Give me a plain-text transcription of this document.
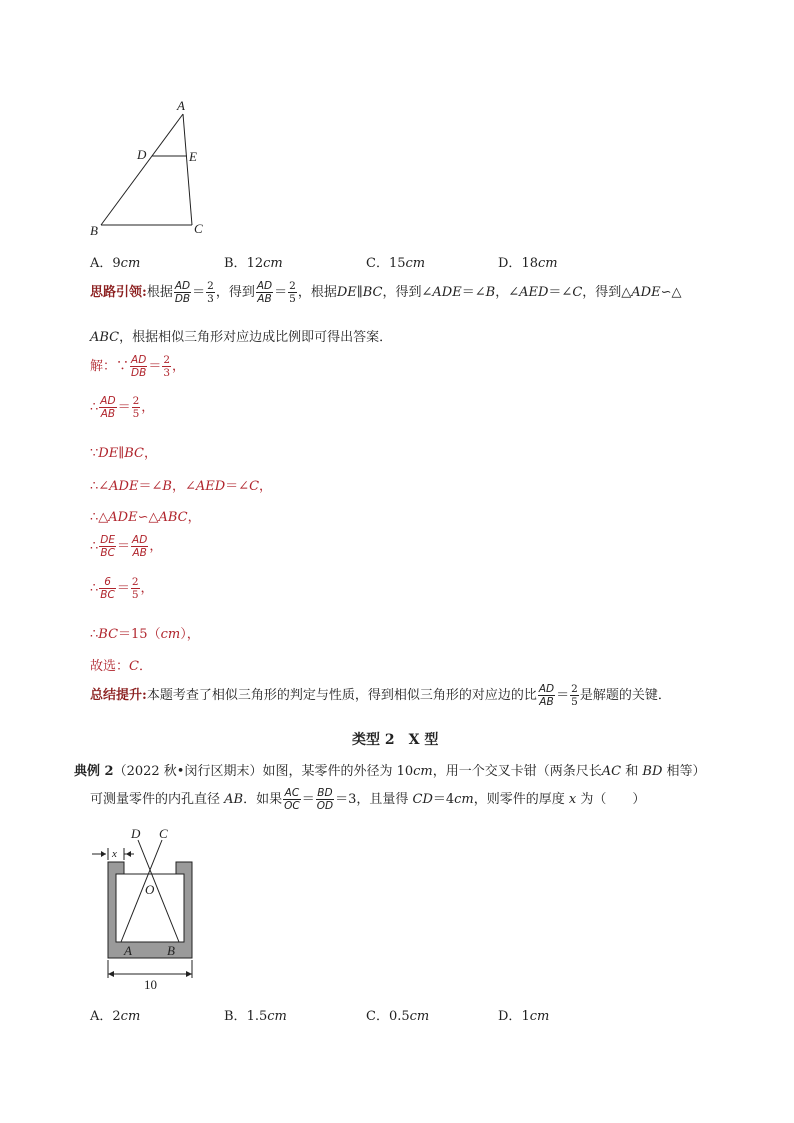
A
D	E
B	C
A．9cm	B．12cm	C．15cm	D．18cm
思路引领:根据 $\frac{AD}{DB} = \frac{2}{3}$ ，得到 $\frac{AD}{AB} = \frac{2}{5}$ ，根据DE∥BC，得到∠ADE＝∠B，∠AED＝∠C，得到△ADE∽△
ABC，根据相似三角形对应边成比例即可得出答案．
解：∵ $\frac{AD}{DB} = \frac{2}{3}$ ，
∴ $\frac{AD}{AB} = \frac{2}{5}$ ，
∵DE∥BC，
∴∠ADE＝∠B，∠AED＝∠C，
∴△ADE∽△ABC，
∴ $\frac{DE}{BC} = \frac{AD}{AB}$ ，
∴ $\frac{6}{BC} = \frac{2}{5}$ ，
∴BC＝15（cm），
故选：C．
总结提升:本题考查了相似三角形的判定与性质，得到相似三角形的对应边的比 $\frac{AD}{AB} = \frac{2}{5}$ 是解题的关键．
类型 2　X 型
典例 2（2022 秋•闵行区期末）如图，某零件的外径为 10cm，用一个交叉卡钳（两条尺长AC 和 BD 相等）
可测量零件的内孔直径 AB．如果 $\frac{AC}{OC} = \frac{BD}{OD} =3$，且量得 CD＝4cm，则零件的厚度 x 为（　　）
D C
x
O
A	B
10
A．2cm	B．1.5cm	C．0.5cm	D．1cm
